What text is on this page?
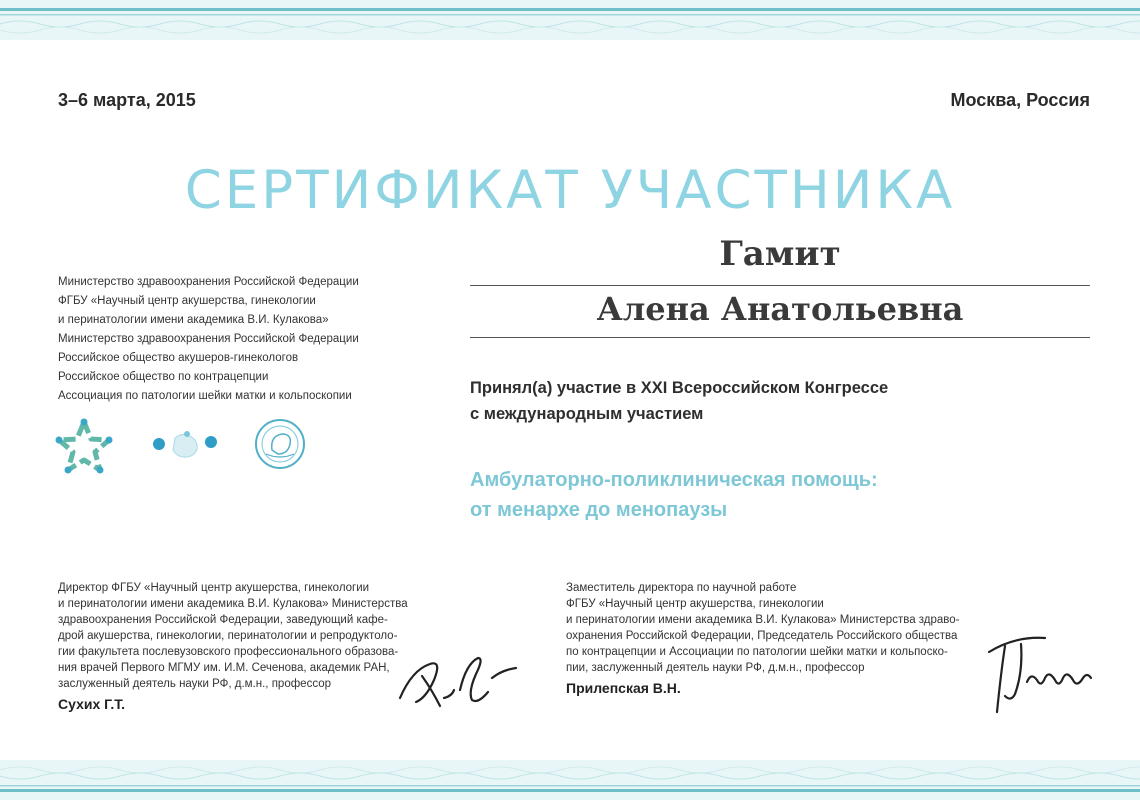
3–6 марта, 2015	Москва, Россия
СЕРТИФИКАТ УЧАСТНИКА
Гамит
Алена Анатольевна
Министерство здравоохранения Российской Федерации
ФГБУ «Научный центр акушерства, гинекологии
и перинатологии имени академика В.И. Кулакова»
Министерство здравоохранения Российской Федерации
Российское общество акушеров-гинекологов
Российское общество по контрацепции
Ассоциация по патологии шейки матки и кольпоскопии	Принял(а) участие в XXI Всероссийском Конгрессе
с международным участием
Амбулаторно-поликлиническая помощь:
от менархе до менопаузы
Директор ФГБУ «Научный центр акушерства, гинекологии
и перинатологии имени академика В.И. Кулакова» Министерства
здравоохранения Российской Федерации, заведующий кафе-
дрой акушерства, гинекологии, перинатологии и репродуктоло-
гии факультета послевузовского профессионального образова-
ния врачей Первого МГМУ им. И.М. Сеченова, академик РАН,
заслуженный деятель науки РФ, д.м.н., профессор
Сухих Г.Т.
Заместитель директора по научной работе
ФГБУ «Научный центр акушерства, гинекологии
и перинатологии имени академика В.И. Кулакова» Министерства здраво-
охранения Российской Федерации, Председатель Российского общества
по контрацепции и Ассоциации по патологии шейки матки и кольпоско-
пии, заслуженный деятель науки РФ, д.м.н., профессор
Прилепская В.Н.
